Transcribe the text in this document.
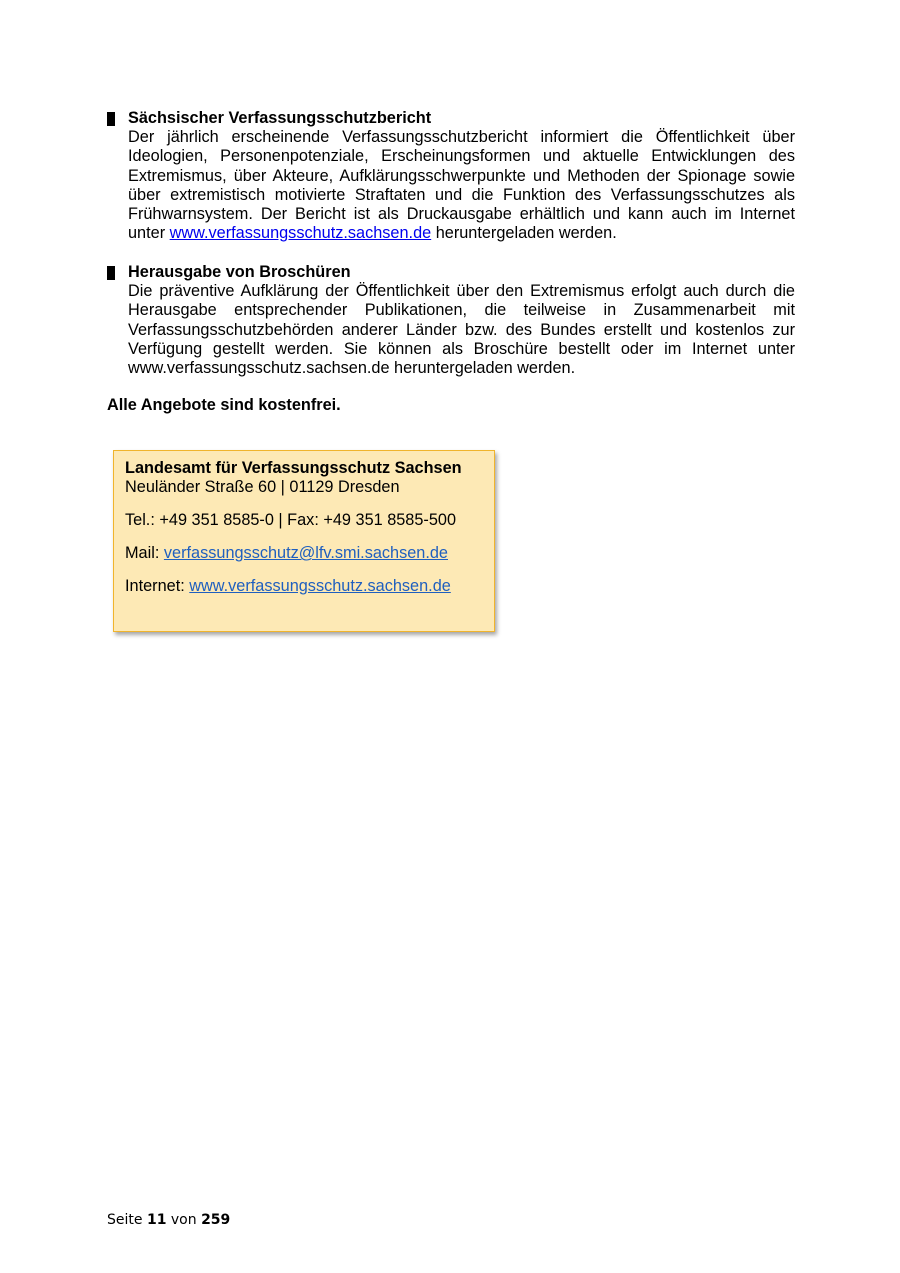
Sächsischer Verfassungsschutzbericht
Der jährlich erscheinende Verfassungsschutzbericht informiert die Öffentlichkeit über Ideologien, Personenpotenziale, Erscheinungsformen und aktuelle Entwicklungen des Extremismus, über Akteure, Aufklärungsschwerpunkte und Methoden der Spionage sowie über extremistisch motivierte Straftaten und die Funktion des Verfassungsschutzes als Frühwarnsystem. Der Bericht ist als Druckausgabe erhältlich und kann auch im Internet unter www.verfassungsschutz.sachsen.de heruntergeladen werden.
Herausgabe von Broschüren
Die präventive Aufklärung der Öffentlichkeit über den Extremismus erfolgt auch durch die Herausgabe entsprechender Publikationen, die teilweise in Zusammenarbeit mit Verfassungsschutzbehörden anderer Länder bzw. des Bundes erstellt und kostenlos zur Verfügung gestellt werden. Sie können als Broschüre bestellt oder im Internet unter www.verfassungsschutz.sachsen.de heruntergeladen werden.
Alle Angebote sind kostenfrei.
Landesamt für Verfassungsschutz Sachsen
Neuländer Straße 60 | 01129 Dresden
Tel.: +49 351 8585-0 | Fax: +49 351 8585-500
Mail: verfassungsschutz@lfv.smi.sachsen.de
Internet: www.verfassungsschutz.sachsen.de
Seite 11 von 259
